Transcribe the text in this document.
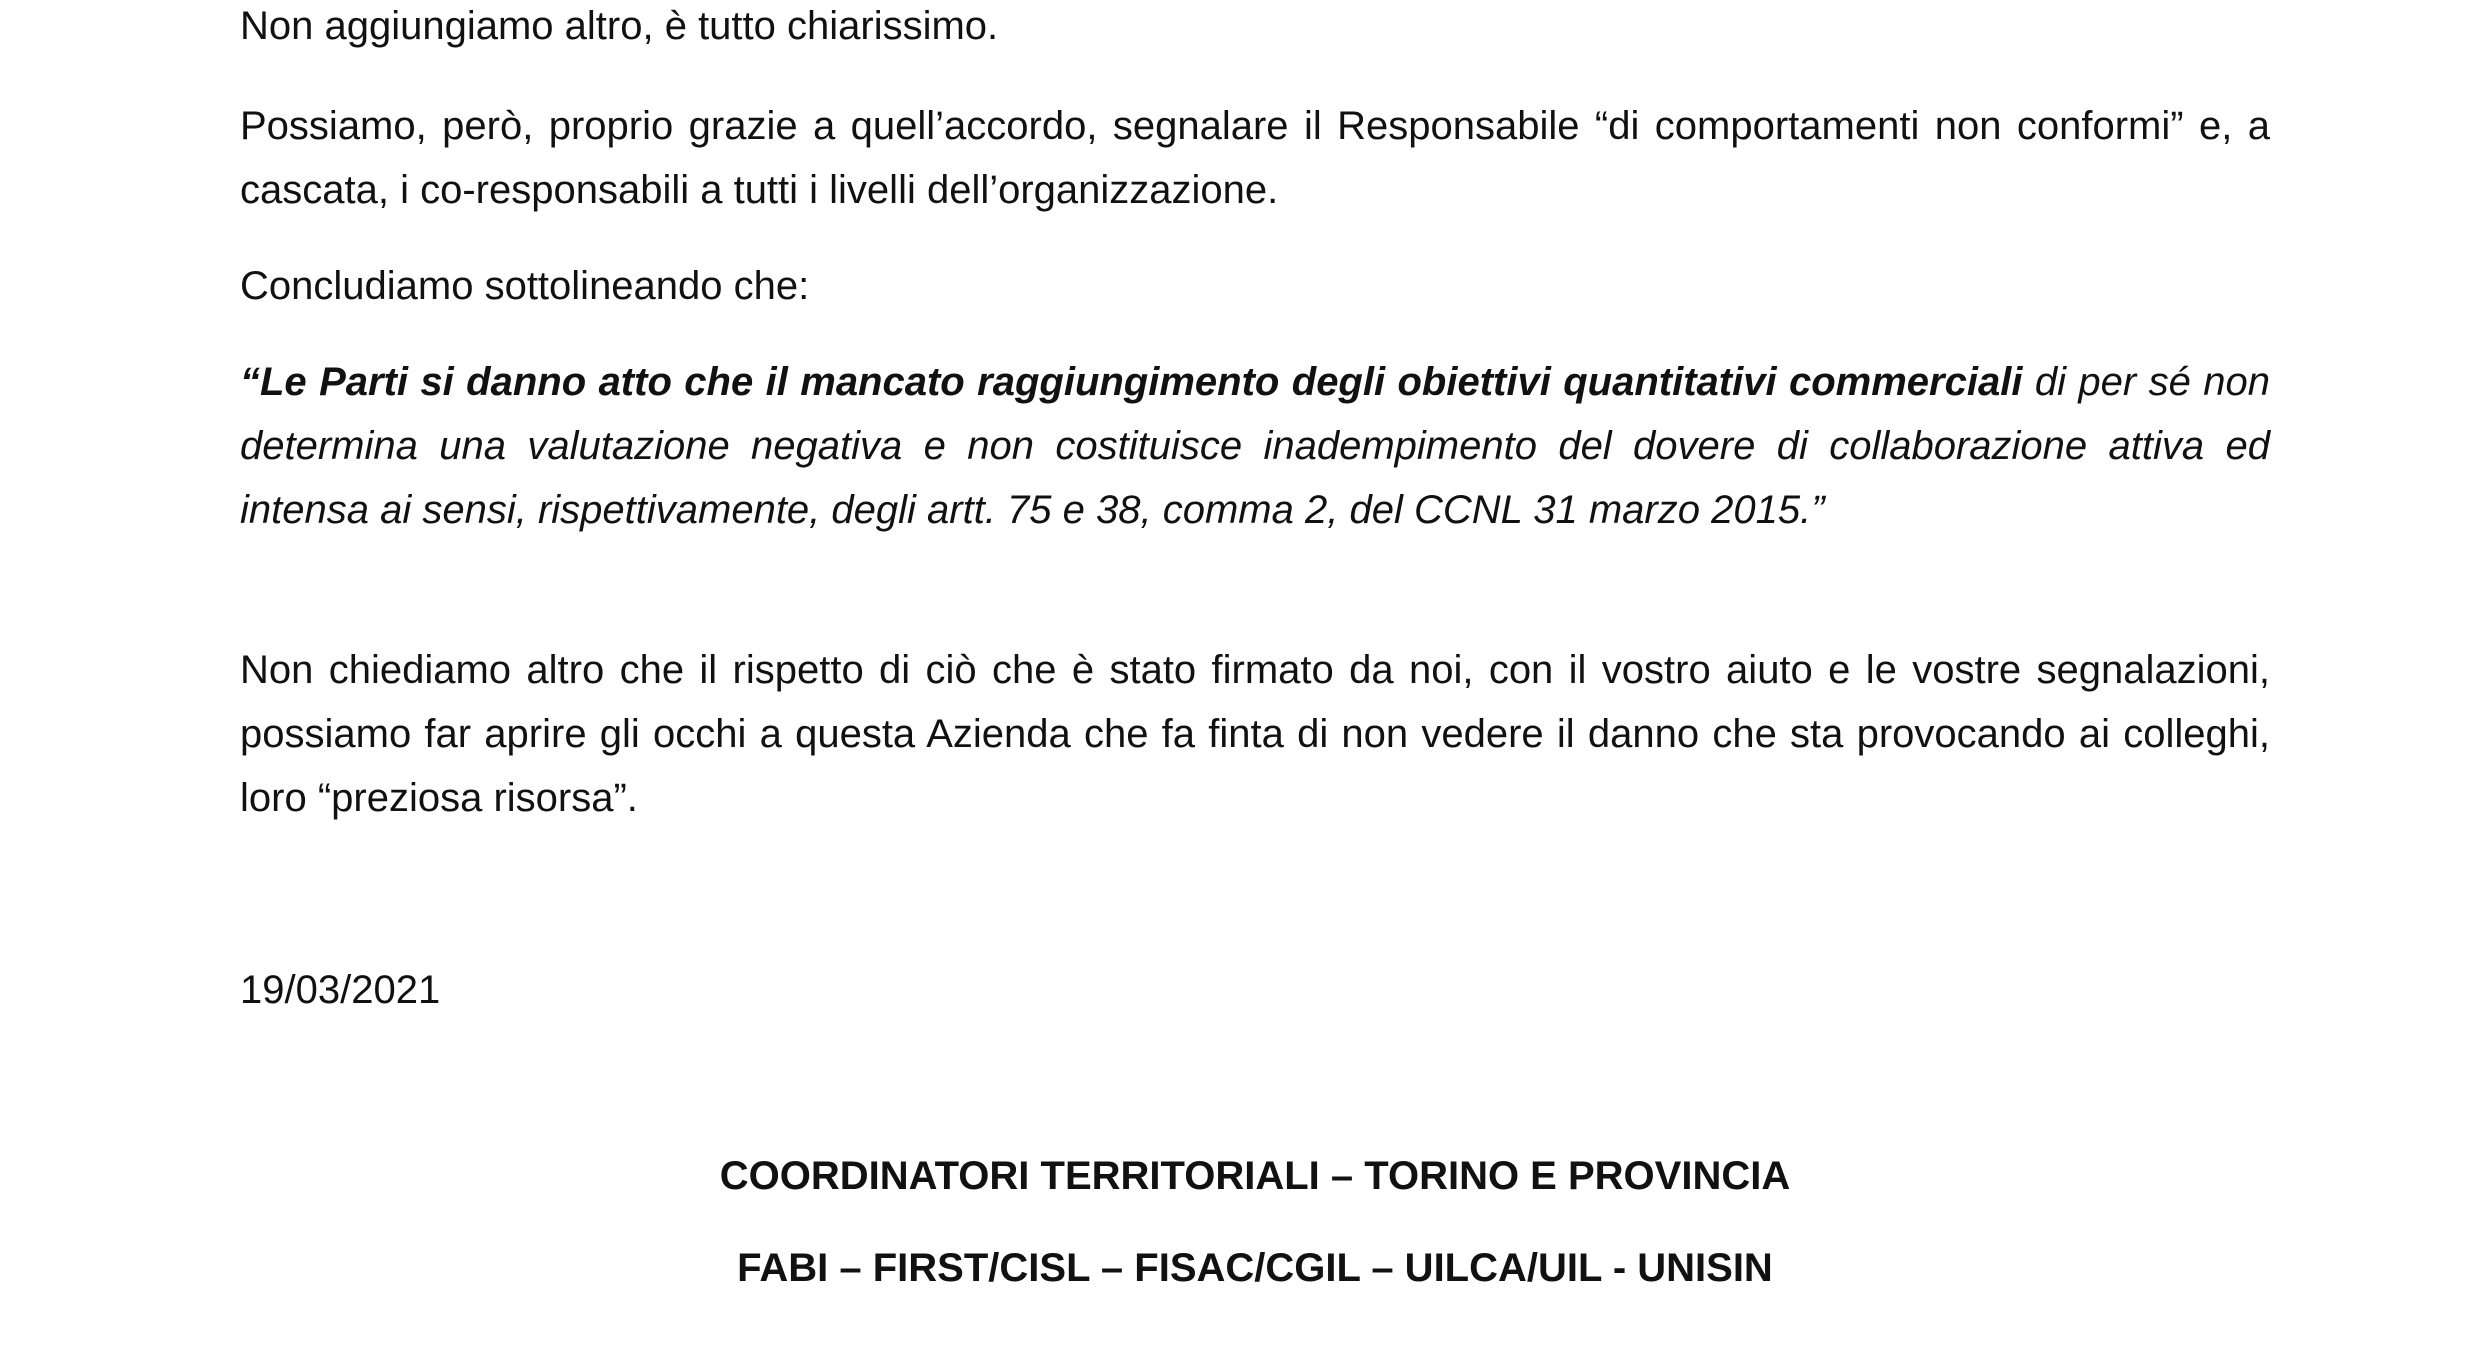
Non aggiungiamo altro, è tutto chiarissimo.

Possiamo, però, proprio grazie a quell’accordo, segnalare il Responsabile “di comportamenti non conformi” e, a cascata, i co-responsabili a tutti i livelli dell’organizzazione.

Concludiamo sottolineando che:

“Le Parti si danno atto che il mancato raggiungimento degli obiettivi quantitativi commerciali di per sé non determina una valutazione negativa e non costituisce inadempimento del dovere di collaborazione attiva ed intensa ai sensi, rispettivamente, degli artt. 75 e 38, comma 2, del CCNL 31 marzo 2015.”

Non chiediamo altro che il rispetto di ciò che è stato firmato da noi, con il vostro aiuto e le vostre segnalazioni, possiamo far aprire gli occhi a questa Azienda che fa finta di non vedere il danno che sta provocando ai colleghi, loro “preziosa risorsa”.

19/03/2021
COORDINATORI TERRITORIALI – TORINO E PROVINCIA
FABI – FIRST/CISL – FISAC/CGIL – UILCA/UIL - UNISIN
